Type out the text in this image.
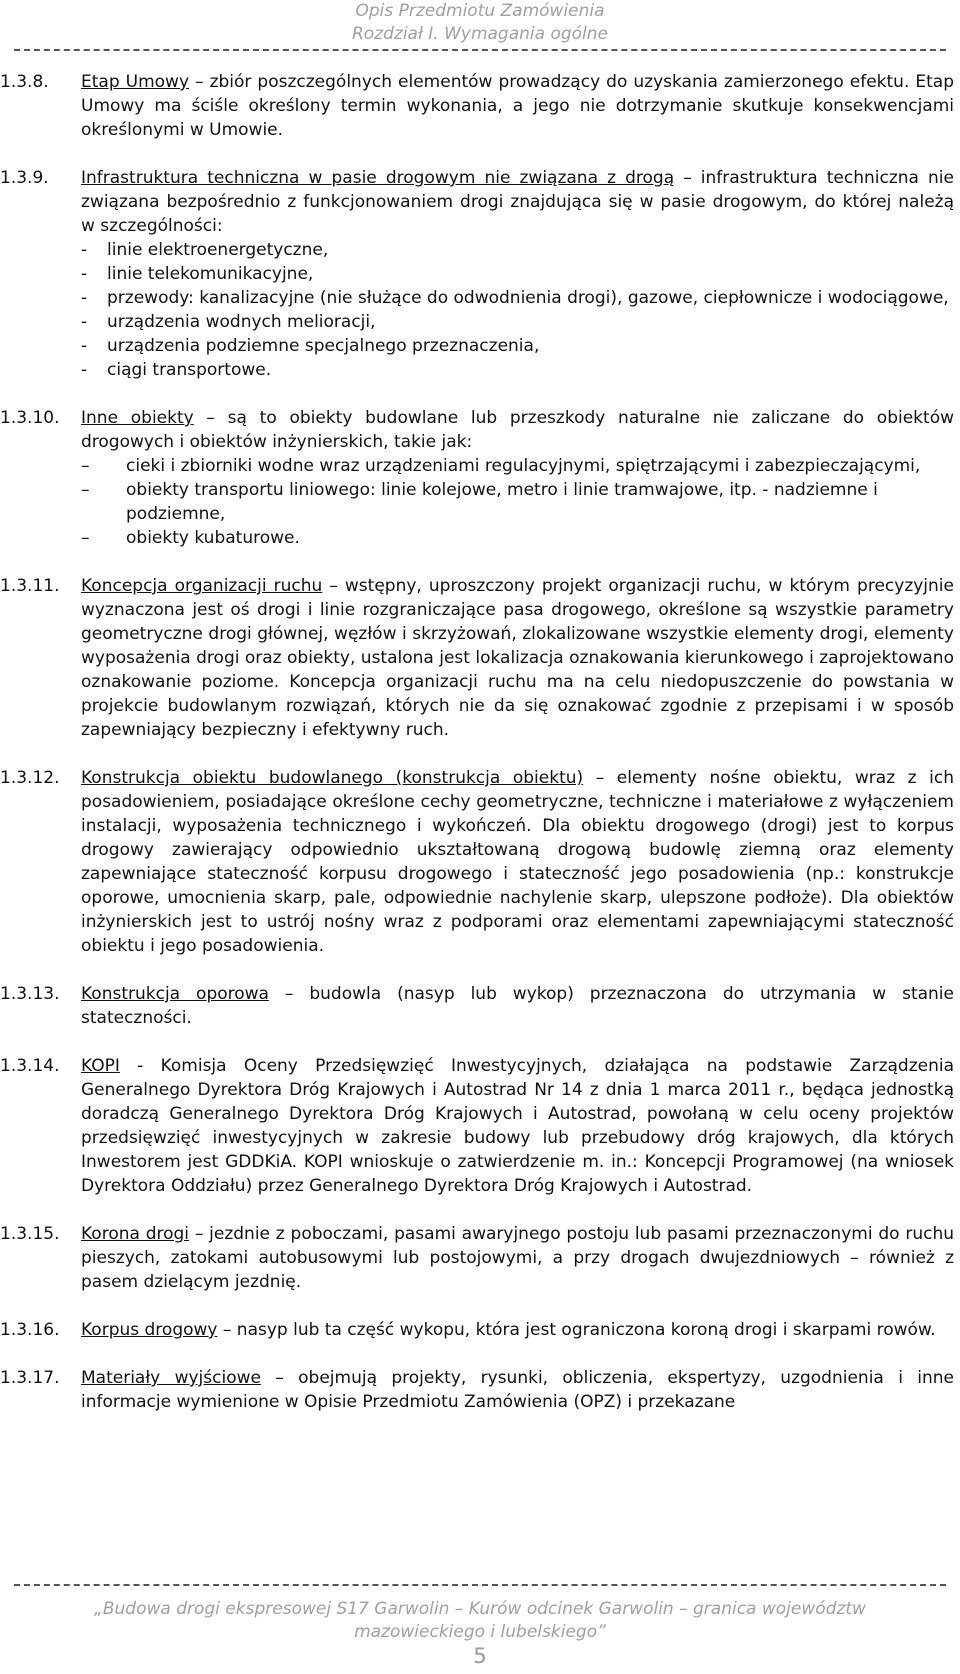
Opis Przedmiotu Zamówienia
Rozdział I. Wymagania ogólne
1.3.8. Etap Umowy – zbiór poszczególnych elementów prowadzący do uzyskania zamierzonego efektu. Etap Umowy ma ściśle określony termin wykonania, a jego nie dotrzymanie skutkuje konsekwencjami określonymi w Umowie.

1.3.9. Infrastruktura techniczna w pasie drogowym nie związana z drogą – infrastruktura techniczna nie związana bezpośrednio z funkcjonowaniem drogi znajdująca się w pasie drogowym, do której należą w szczególności:

- linie elektroenergetyczne,
- linie telekomunikacyjne,
- przewody: kanalizacyjne (nie służące do odwodnienia drogi), gazowe, ciepłownicze i wodociągowe,
- urządzenia wodnych melioracji,
- urządzenia podziemne specjalnego przeznaczenia,
- ciągi transportowe.
1.3.10. Inne obiekty – są to obiekty budowlane lub przeszkody naturalne nie zaliczane do obiektów drogowych i obiektów inżynierskich, takie jak:

– cieki i zbiorniki wodne wraz urządzeniami regulacyjnymi, spiętrzającymi i zabezpieczającymi,
– obiekty transportu liniowego: linie kolejowe, metro i linie tramwajowe, itp. - nadziemne i podziemne,
– obiekty kubaturowe.
1.3.11. Koncepcja organizacji ruchu – wstępny, uproszczony projekt organizacji ruchu, w którym precyzyjnie wyznaczona jest oś drogi i linie rozgraniczające pasa drogowego, określone są wszystkie parametry geometryczne drogi głównej, węzłów i skrzyżowań, zlokalizowane wszystkie elementy drogi, elementy wyposażenia drogi oraz obiekty, ustalona jest lokalizacja oznakowania kierunkowego i zaprojektowano oznakowanie poziome. Koncepcja organizacji ruchu ma na celu niedopuszczenie do powstania w projekcie budowlanym rozwiązań, których nie da się oznakować zgodnie z przepisami i w sposób zapewniający bezpieczny i efektywny ruch.

1.3.12. Konstrukcja obiektu budowlanego (konstrukcja obiektu) – elementy nośne obiektu, wraz z ich posadowieniem, posiadające określone cechy geometryczne, techniczne i materiałowe z wyłączeniem instalacji, wyposażenia technicznego i wykończeń. Dla obiektu drogowego (drogi) jest to korpus drogowy zawierający odpowiednio ukształtowaną drogową budowlę ziemną oraz elementy zapewniające stateczność korpusu drogowego i stateczność jego posadowienia (np.: konstrukcje oporowe, umocnienia skarp, pale, odpowiednie nachylenie skarp, ulepszone podłoże). Dla obiektów inżynierskich jest to ustrój nośny wraz z podporami oraz elementami zapewniającymi stateczność obiektu i jego posadowienia.

1.3.13. Konstrukcja oporowa – budowla (nasyp lub wykop) przeznaczona do utrzymania w stanie stateczności.

1.3.14. KOPI - Komisja Oceny Przedsięwzięć Inwestycyjnych, działająca na podstawie Zarządzenia Generalnego Dyrektora Dróg Krajowych i Autostrad Nr 14 z dnia 1 marca 2011 r., będąca jednostką doradczą Generalnego Dyrektora Dróg Krajowych i Autostrad, powołaną w celu oceny projektów przedsięwzięć inwestycyjnych w zakresie budowy lub przebudowy dróg krajowych, dla których Inwestorem jest GDDKiA. KOPI wnioskuje o zatwierdzenie m. in.: Koncepcji Programowej (na wniosek Dyrektora Oddziału) przez Generalnego Dyrektora Dróg Krajowych i Autostrad.

1.3.15. Korona drogi – jezdnie z poboczami, pasami awaryjnego postoju lub pasami przeznaczonymi do ruchu pieszych, zatokami autobusowymi lub postojowymi, a przy drogach dwujezdniowych – również z pasem dzielącym jezdnię.

1.3.16. Korpus drogowy – nasyp lub ta część wykopu, która jest ograniczona koroną drogi i skarpami rowów.

1.3.17. Materiały wyjściowe – obejmują projekty, rysunki, obliczenia, ekspertyzy, uzgodnienia i inne informacje wymienione w Opisie Przedmiotu Zamówienia (OPZ) i przekazane

„Budowa drogi ekspresowej S17 Garwolin – Kurów odcinek Garwolin – granica województw
mazowieckiego i lubelskiego”
5
